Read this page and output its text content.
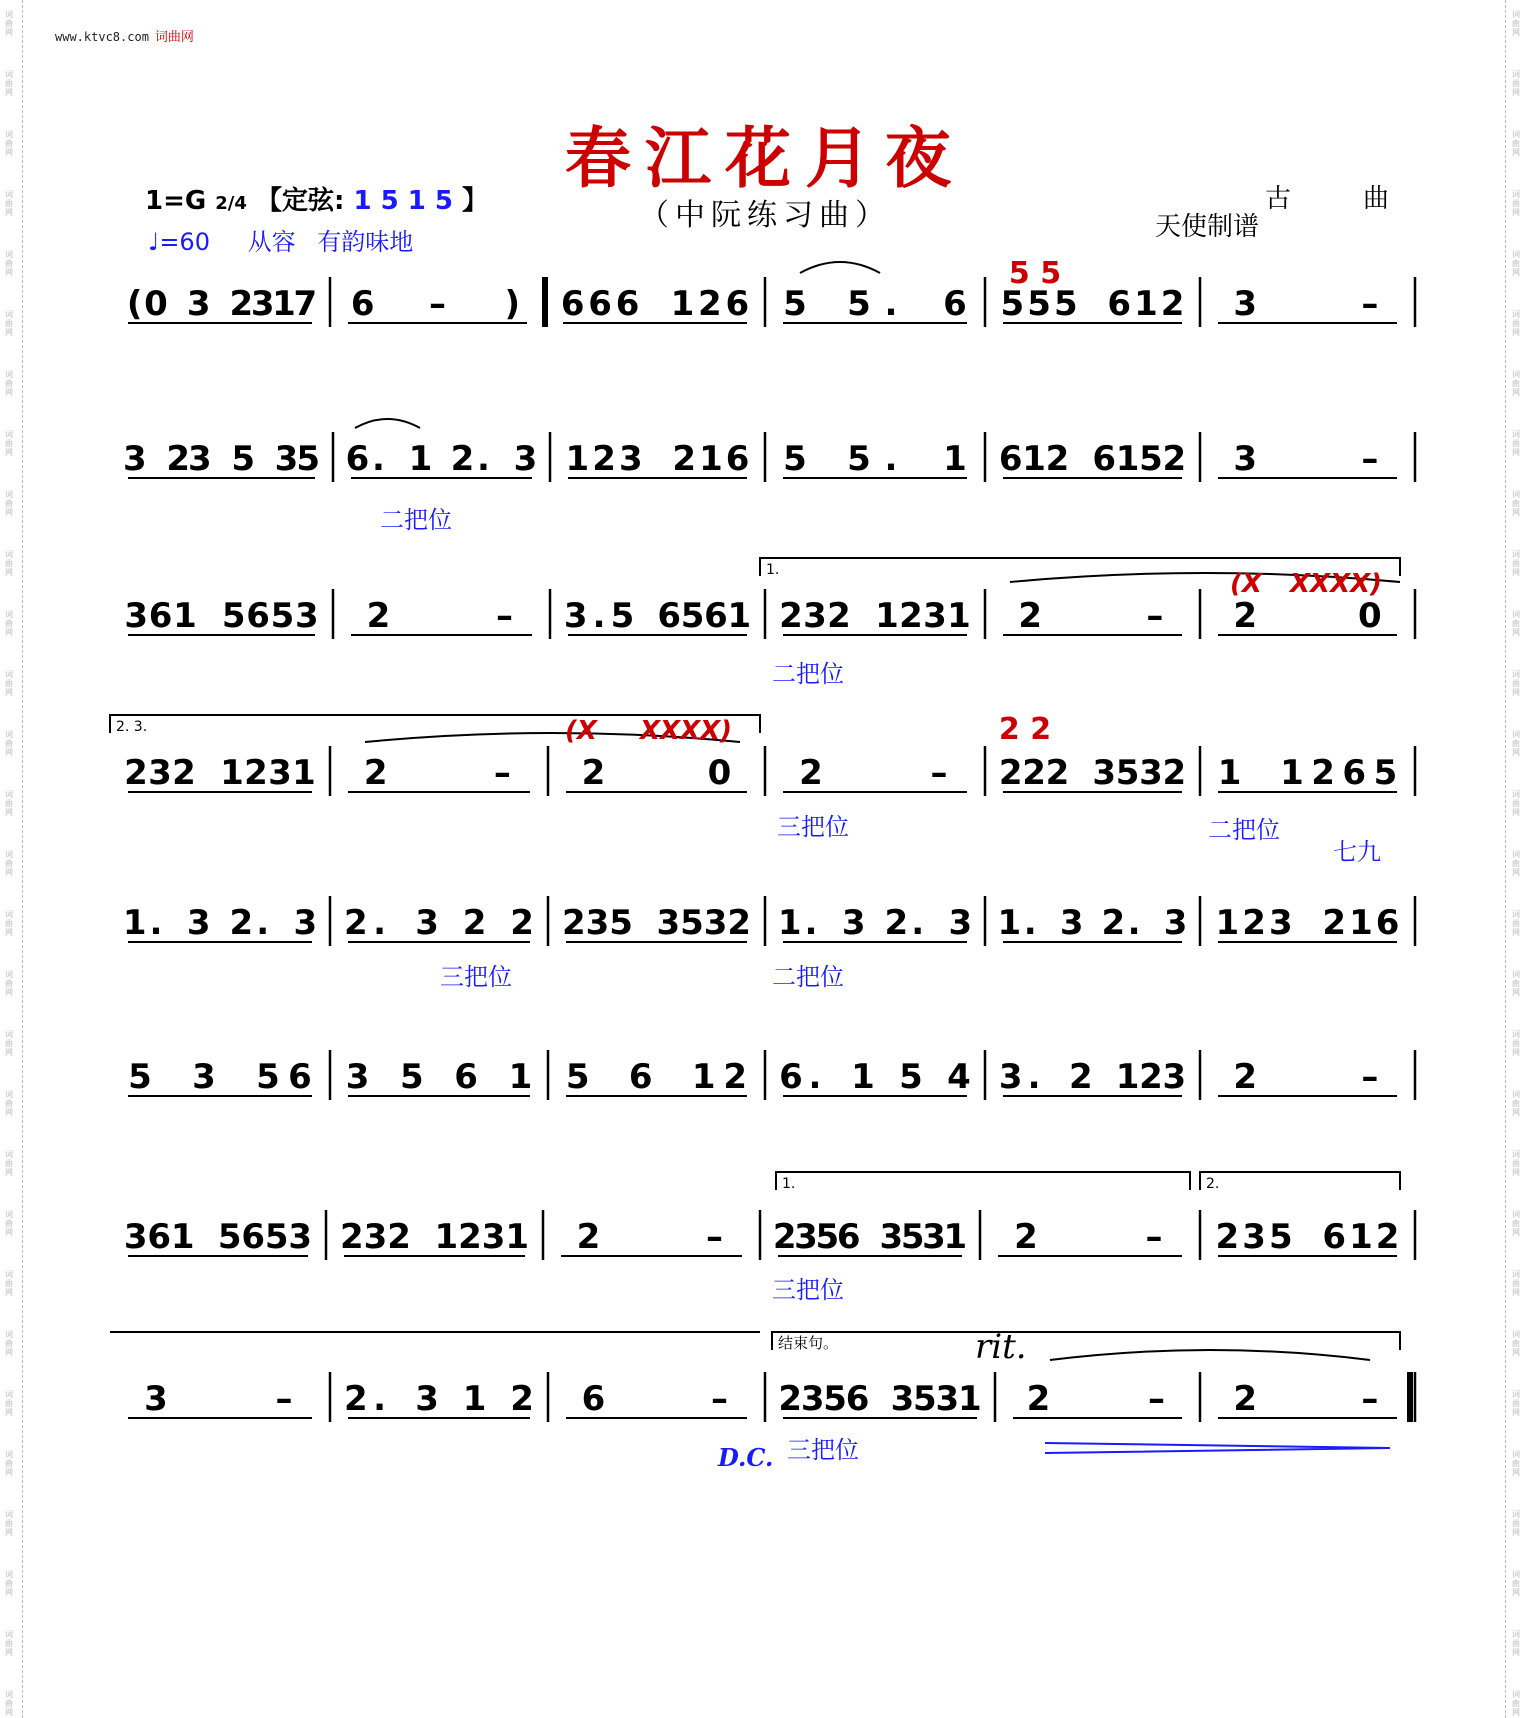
词
曲
网
词
曲
网
词
曲
网
词
曲
网
词
曲
网
词
曲
网
词
曲
网
词
曲
网
词
曲
网
词
曲
网
词
曲
网
词
曲
网
词
曲
网
词
曲
网
词
曲
网
词
曲
网
词
曲
网
词
曲
网
词
曲
网
词
曲
网
词
曲
网
词
曲
网
词
曲
网
词
曲
网
词
曲
网
词
曲
网
词
曲
网
词
曲
网
词
曲
网
词
曲
网
词
曲
网
词
曲
网
词
曲
网
词
曲
网
词
曲
网
词
曲
网
词
曲
网
词
曲
网
词
曲
网
词
曲
网
词
曲
网
词
曲
网
词
曲
网
词
曲
网
词
曲
网
词
曲
网
词
曲
网
词
曲
网
词
曲
网
词
曲
网
词
曲
网
词
曲
网
词
曲
网
词
曲
网
词
曲
网
词
曲
网
词
曲
网
词
曲
网
www.ktvc8.com 词曲网
春江花月夜
（中阮练习曲）
1=G 2/4 【定弦: 1 5 1 5 】
♩=60 从容 有韵味地
古曲
天使制谱
( 0 3 2
3
1
7 6 – ) 6 6 6 1 2 6 5 5 . 6 5 5 5 6 1 2 3	–
3 2
3 5 3
5 6 . 1 2 . 3 1 2 3 2 1 6 5 5 . 1 6 1 2 6 1 5 2 3	–
3 6 1 5 6 5 3 2	– 3 . 5 6 5 6 1 2 3 2 1 2 3 1 2	– 2	0
2 3 2 1 2 3 1 2	– 2	0 2	– 2 2 2 3 5 3 2 1 1 2 6 5
1 . 3 2 . 3 2 . 3 2 2 2 3 5 3 5 3 2 1 . 3 2 . 3 1 . 3 2 . 3 1 2 3 2 1 6
5 3 5 6 3 5 6 1 5 6 1 2 6 . 1 5 4 3 . 2 1 2 3 2	–
3 6 1 5 6 5 3 2 3 2 1 2 3 1 2	– 2
3
5
6 3
5
3
1 2	– 2 3 5 6 1 2
3	– 2 . 3 1 2 6	– 2
3
5
6 3
5
3
1 2	– 2	–
5 5
2 2
(X XXXX)
(X XXXX)
二把位
二把位
三把位	二把位
七九
三把位	二把位
三把位
三把位
D.C.
1.
2. 3.
1.	2.
结束句。	rit.
